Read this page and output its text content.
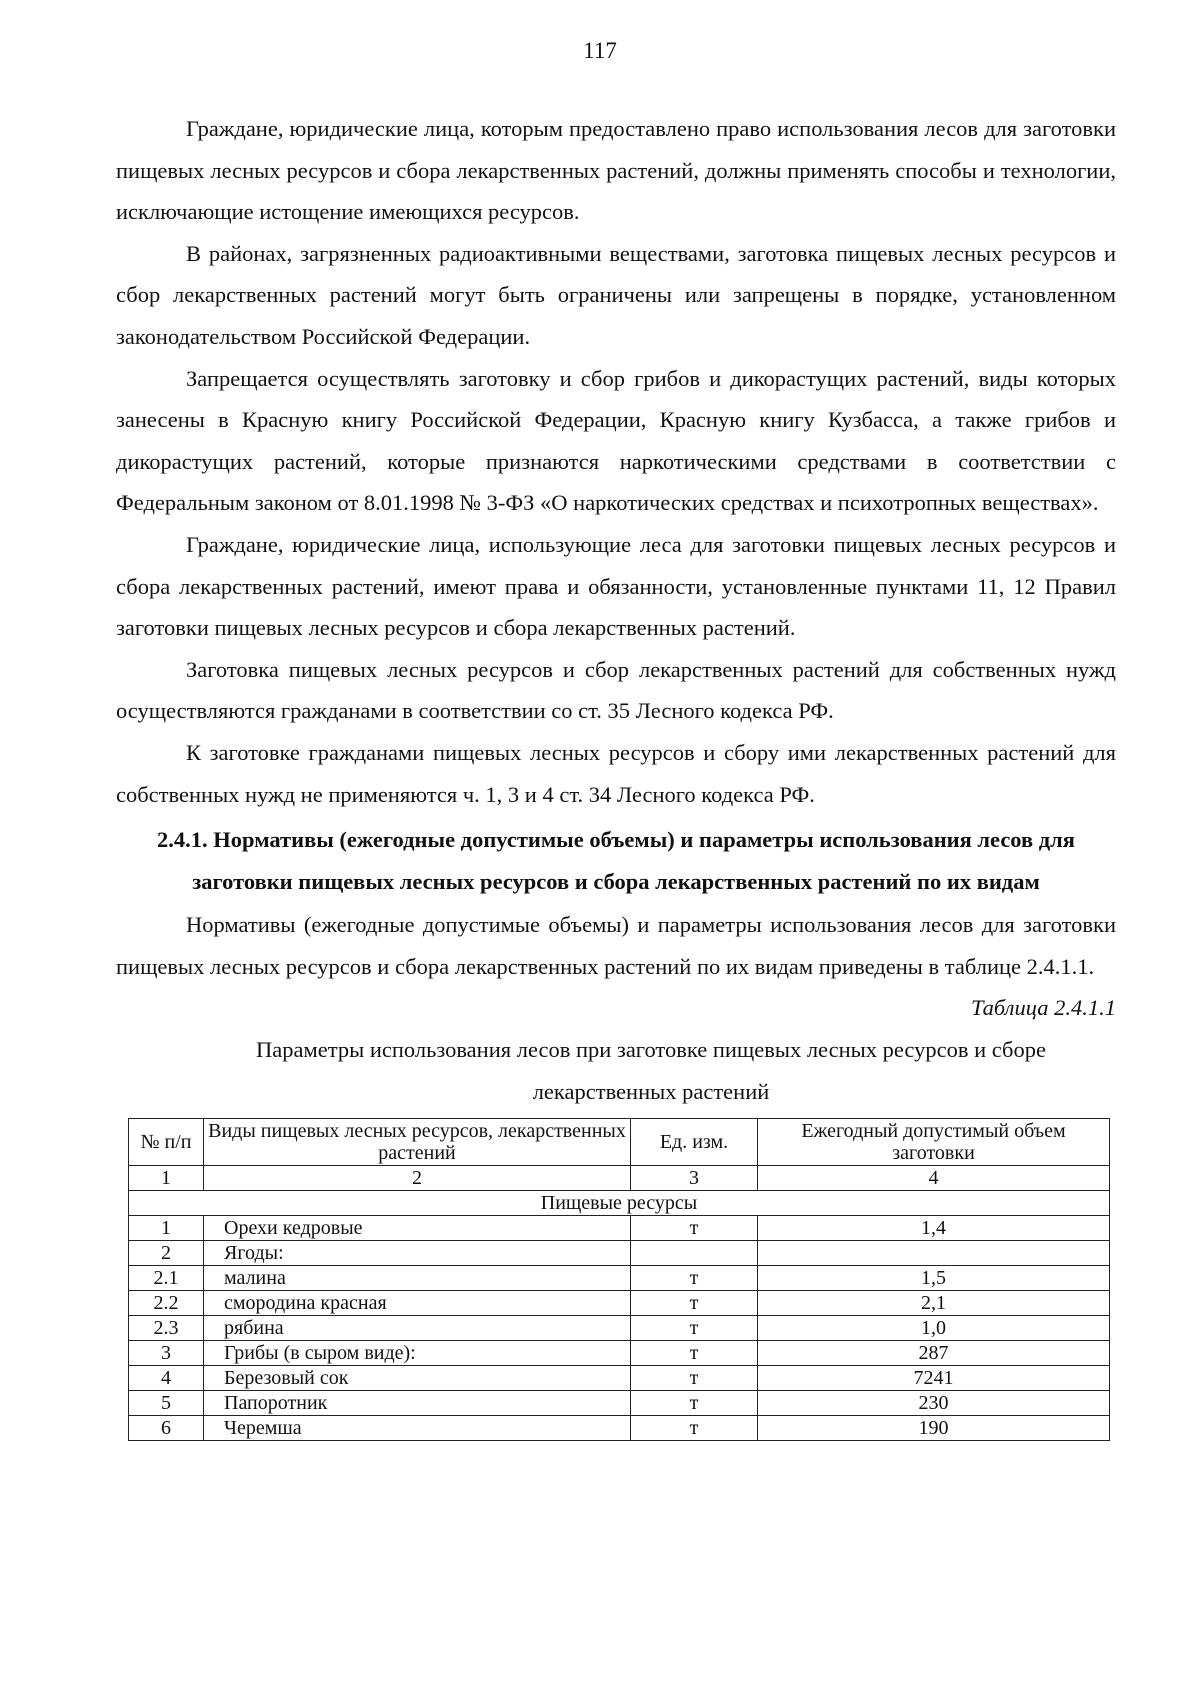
117

Граждане, юридические лица, которым предоставлено право использования лесов для заготовки пищевых лесных ресурсов и сбора лекарственных растений, должны применять способы и технологии, исключающие истощение имеющихся ресурсов.

В районах, загрязненных радиоактивными веществами, заготовка пищевых лесных ресурсов и сбор лекарственных растений могут быть ограничены или запрещены в порядке, установленном законодательством Российской Федерации.

Запрещается осуществлять заготовку и сбор грибов и дикорастущих растений, виды которых занесены в Красную книгу Российской Федерации, Красную книгу Кузбасса, а также грибов и дикорастущих растений, которые признаются наркотическими средствами в соответствии с Федеральным законом от 8.01.1998 № 3-ФЗ «О наркотических средствах и психотропных веществах».

Граждане, юридические лица, использующие леса для заготовки пищевых лесных ресурсов и сбора лекарственных растений, имеют права и обязанности, установленные пунктами 11, 12 Правил заготовки пищевых лесных ресурсов и сбора лекарственных растений.

Заготовка пищевых лесных ресурсов и сбор лекарственных растений для собственных нужд осуществляются гражданами в соответствии со ст. 35 Лесного кодекса РФ.

К заготовке гражданами пищевых лесных ресурсов и сбору ими лекарственных растений для собственных нужд не применяются ч. 1, 3 и 4 ст. 34 Лесного кодекса РФ.

2.4.1. Нормативы (ежегодные допустимые объемы) и параметры использования лесов для заготовки пищевых лесных ресурсов и сбора лекарственных растений по их видам

Нормативы (ежегодные допустимые объемы) и параметры использования лесов для заготовки пищевых лесных ресурсов и сбора лекарственных растений по их видам приведены в таблице 2.4.1.1.

Таблица 2.4.1.1

Параметры использования лесов при заготовке пищевых лесных ресурсов и сборе лекарственных растений

№ п/п	Виды пищевых лесных ресурсов, лекарственных растений	Ед. изм.	Ежегодный допустимый объем заготовки
1	2	3	4
Пищевые ресурсы			
1	Орехи кедровые	т	1,4
2	Ягоды:		
2.1	малина	т	1,5
2.2	смородина красная	т	2,1
2.3	рябина	т	1,0
3	Грибы (в сыром виде):	т	287
4	Березовый сок	т	7241
5	Папоротник	т	230
6	Черемша	т	190
